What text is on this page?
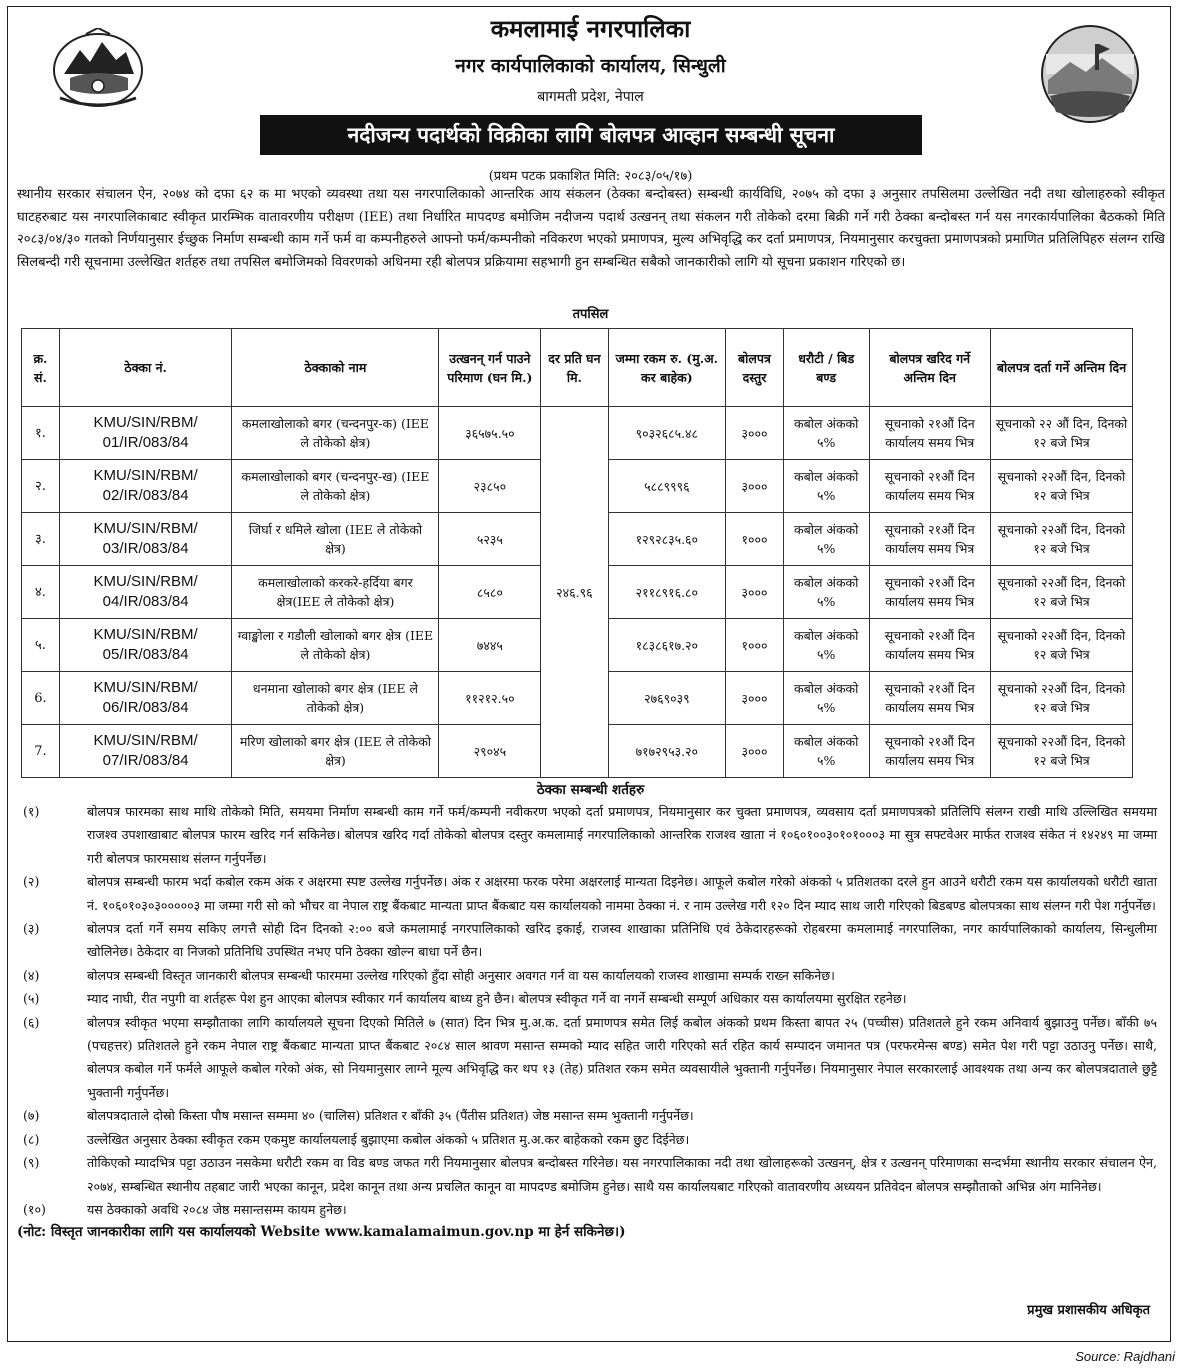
कमलामाई नगरपालिका
नगर कार्यपालिकाको कार्यालय, सिन्धुली
बागमती प्रदेश, नेपाल
नदीजन्य पदार्थको विक्रीका लागि बोलपत्र आव्हान सम्बन्धी सूचना
(प्रथम पटक प्रकाशित मिति: २०८३/०५/१७)
स्थानीय सरकार संचालन ऐन, २०७४ को दफा ६२ क मा भएको व्यवस्था तथा यस नगरपालिकाको आन्तरिक आय संकलन (ठेक्का बन्दोबस्त) सम्बन्धी कार्यविधि, २०७५ को दफा ३ अनुसार तपसिलमा उल्लेखित नदी तथा खोलाहरुको स्वीकृत घाटहरुबाट यस नगरपालिकाबाट स्वीकृत प्रारम्भिक वातावरणीय परीक्षण (IEE) तथा निर्धारित मापदण्ड बमोजिम नदीजन्य पदार्थ उत्खनन् तथा संकलन गरी तोकेको दरमा बिक्री गर्ने गरी ठेक्का बन्दोबस्त गर्न यस नगरकार्यपालिका बैठकको मिति २०८३/०४/३० गतको निर्णयानुसार ईच्छुक निर्माण सम्बन्धी काम गर्ने फर्म वा कम्पनीहरुले आफ्नो फर्म/कम्पनीको नविकरण भएको प्रमाणपत्र, मुल्य अभिवृद्धि कर दर्ता प्रमाणपत्र, नियमानुसार करचुक्ता प्रमाणपत्रको प्रमाणित प्रतिलिपिहरु संलग्न राखि सिलबन्दी गरी सूचनामा उल्लेखित शर्तहरु तथा तपसिल बमोजिमको विवरणको अधिनमा रही बोलपत्र प्रक्रियामा सहभागी हुन सम्बन्धित सबैको जानकारीको लागि यो सूचना प्रकाशन गरिएको छ।
तपसिल
क्र. सं.	ठेक्का नं.	ठेक्काको नाम	उत्खनन् गर्न पाउने परिमाण (घन मि.)	दर प्रति घन मि.	जम्मा रकम रु. (मु.अ. कर बाहेक)	बोलपत्र दस्तुर	धरौटी / बिड बण्ड	बोलपत्र खरिद गर्ने अन्तिम दिन	बोलपत्र दर्ता गर्ने अन्तिम दिन
१.	KMU/SIN/RBM/ 01/IR/083/84	कमलाखोलाको बगर (चन्दनपुर-क) (IEE ले तोकेको क्षेत्र)	३६५७५.५०	२४६.९६	९०३२६८५.४८	३०००	कबोल अंकको ५%	सूचनाको २१औं दिन कार्यालय समय भित्र	सूचनाको २२ औं दिन, दिनको १२ बजे भित्र
२.	KMU/SIN/RBM/ 02/IR/083/84	कमलाखोलाको बगर (चन्दनपुर-ख) (IEE ले तोकेको क्षेत्र)	२३८५०		५८८९९९६	३०००	कबोल अंकको ५%	सूचनाको २१औं दिन कार्यालय समय भित्र	सूचनाको २२औं दिन, दिनको १२ बजे भित्र
३.	KMU/SIN/RBM/ 03/IR/083/84	जिर्घा र धमिले खोला (IEE ले तोकेको क्षेत्र)	५२३५		१२९२८३५.६०	१०००	कबोल अंकको ५%	सूचनाको २१औं दिन कार्यालय समय भित्र	सूचनाको २२औं दिन, दिनको १२ बजे भित्र
४.	KMU/SIN/RBM/ 04/IR/083/84	कमलाखोलाको करकरे-हर्दिया बगर क्षेत्र(IEE ले तोकेको क्षेत्र)	८५८०		२११८९१६.८०	३०००	कबोल अंकको ५%	सूचनाको २१औं दिन कार्यालय समय भित्र	सूचनाको २२औं दिन, दिनको १२ बजे भित्र
५.	KMU/SIN/RBM/ 05/IR/083/84	ग्वाङ्खोला र गडौली खोलाको बगर क्षेत्र (IEE ले तोकेको क्षेत्र)	७४४५		१८३८६१७.२०	१०००	कबोल अंकको ५%	सूचनाको २१औं दिन कार्यालय समय भित्र	सूचनाको २२औं दिन, दिनको १२ बजे भित्र
6.	KMU/SIN/RBM/ 06/IR/083/84	धनमाना खोलाको बगर क्षेत्र (IEE ले तोकेको क्षेत्र)	११२१२.५०		२७६९०३९	३०००	कबोल अंकको ५%	सूचनाको २१औं दिन कार्यालय समय भित्र	सूचनाको २२औं दिन, दिनको १२ बजे भित्र
7.	KMU/SIN/RBM/ 07/IR/083/84	मरिण खोलाको बगर क्षेत्र (IEE ले तोकेको क्षेत्र)	२९०४५		७१७२९५३.२०	३०००	कबोल अंकको ५%	सूचनाको २१औं दिन कार्यालय समय भित्र	सूचनाको २२औं दिन, दिनको १२ बजे भित्र
ठेक्का सम्बन्धी शर्तहरु
(१)	बोलपत्र फारमका साथ माथि तोकेको मिति, समयमा निर्माण सम्बन्धी काम गर्ने फर्म/कम्पनी नवीकरण भएको दर्ता प्रमाणपत्र, नियमानुसार कर चुक्ता प्रमाणपत्र, व्यवसाय दर्ता प्रमाणपत्रको प्रतिलिपि संलग्न राखी माथि उल्लिखित समयमा राजश्व उपशाखाबाट बोलपत्र फारम खरिद गर्न सकिनेछ। बोलपत्र खरिद गर्दा तोकेको बोलपत्र दस्तुर कमलामाई नगरपालिकाको आन्तरिक राजश्व खाता नं १०६०१००३०१०१०००३ मा सुत्र सफ्टवेअर मार्फत राजश्व संकेत नं १४२४९ मा जम्मा गरी बोलपत्र फारमसाथ संलग्न गर्नुपर्नेछ।
(२)	बोलपत्र सम्बन्धी फारम भर्दा कबोल रकम अंक र अक्षरमा स्पष्ट उल्लेख गर्नुपर्नेछ। अंक र अक्षरमा फरक परेमा अक्षरलाई मान्यता दिइनेछ। आफूले कबोल गरेको अंकको ५ प्रतिशतका दरले हुन आउने धरौटी रकम यस कार्यालयको धरौटी खाता नं. १०६०१०३०३०००००३ मा जम्मा गरी सो को भौचर वा नेपाल राष्ट्र बैंकबाट मान्यता प्राप्त बैंकबाट यस कार्यालयको नाममा ठेक्का नं. र नाम उल्लेख गरी १२० दिन म्याद साथ जारी गरिएको बिडबण्ड बोलपत्रका साथ संलग्न गरी पेश गर्नुपर्नेछ।
(३)	बोलपत्र दर्ता गर्ने समय सकिए लगत्तै सोही दिन दिनको २:०० बजे कमलामाई नगरपालिकाको खरिद इकाई, राजस्व शाखाका प्रतिनिधि एवं ठेकेदारहरूको रोहबरमा कमलामाई नगरपालिका, नगर कार्यपालिकाको कार्यालय, सिन्धुलीमा खोलिनेछ। ठेकेदार वा निजको प्रतिनिधि उपस्थित नभए पनि ठेक्का खोल्न बाधा पर्ने छैन।
(४)	बोलपत्र सम्बन्धी विस्तृत जानकारी बोलपत्र सम्बन्धी फारममा उल्लेख गरिएको हुँदा सोही अनुसार अवगत गर्न वा यस कार्यालयको राजस्व शाखामा सम्पर्क राख्न सकिनेछ।
(५)	म्याद नाघी, रीत नपुगी वा शर्तहरू पेश हुन आएका बोलपत्र स्वीकार गर्न कार्यालय बाध्य हुने छैन। बोलपत्र स्वीकृत गर्ने वा नगर्ने सम्बन्धी सम्पूर्ण अधिकार यस कार्यालयमा सुरक्षित रहनेछ।
(६)	बोलपत्र स्वीकृत भएमा सम्झौताका लागि कार्यालयले सूचना दिएको मितिले ७ (सात) दिन भित्र मु.अ.क. दर्ता प्रमाणपत्र समेत लिई कबोल अंकको प्रथम किस्ता बापत २५ (पच्चीस) प्रतिशतले हुने रकम अनिवार्य बुझाउनु पर्नेछ। बाँकी ७५ (पचहत्तर) प्रतिशतले हुने रकम नेपाल राष्ट्र बैंकबाट मान्यता प्राप्त बैंकबाट २०८४ साल श्रावण मसान्त सम्मको म्याद सहित जारी गरिएको सर्त रहित कार्य सम्पादन जमानत पत्र (परफरमेन्स बण्ड) समेत पेश गरी पट्टा उठाउनु पर्नेछ। साथै, बोलपत्र कबोल गर्ने फर्मले आफूले कबोल गरेको अंक, सो नियमानुसार लाग्ने मूल्य अभिवृद्धि कर थप १३ (तेह) प्रतिशत रकम समेत व्यवसायीले भुक्तानी गर्नुपर्नेछ। नियमानुसार नेपाल सरकारलाई आवश्यक तथा अन्य कर बोलपत्रदाताले छुट्टै भुक्तानी गर्नुपर्नेछ।
(७)	बोलपत्रदाताले दोस्रो किस्ता पौष मसान्त सम्ममा ४० (चालिस) प्रतिशत र बाँकी ३५ (पैंतीस प्रतिशत) जेष्ठ मसान्त सम्म भुक्तानी गर्नुपर्नेछ।
(८)	उल्लेखित अनुसार ठेक्का स्वीकृत रकम एकमुष्ट कार्यालयलाई बुझाएमा कबोल अंकको ५ प्रतिशत मु.अ.कर बाहेकको रकम छुट दिईनेछ।
(९)	तोकिएको म्यादभित्र पट्टा उठाउन नसकेमा धरौटी रकम वा विड बण्ड जफत गरी नियमानुसार बोलपत्र बन्दोबस्त गरिनेछ। यस नगरपालिकाका नदी तथा खोलाहरूको उत्खनन्, क्षेत्र र उत्खनन् परिमाणका सन्दर्भमा स्थानीय सरकार संचालन ऐन, २०७४, सम्बन्धित स्थानीय तहबाट जारी भएका कानून, प्रदेश कानून तथा अन्य प्रचलित कानून वा मापदण्ड बमोजिम हुनेछ। साथै यस कार्यालयबाट गरिएको वातावरणीय अध्ययन प्रतिवेदन बोलपत्र सम्झौताको अभिन्न अंग मानिनेछ।
(१०)	यस ठेक्काको अवधि २०८४ जेष्ठ मसान्तसम्म कायम हुनेछ।
(नोट: विस्तृत जानकारीका लागि यस कार्यालयको Website www.kamalamaimun.gov.np मा हेर्न सकिनेछ।)
प्रमुख प्रशासकीय अधिकृत
Source: Rajdhani
